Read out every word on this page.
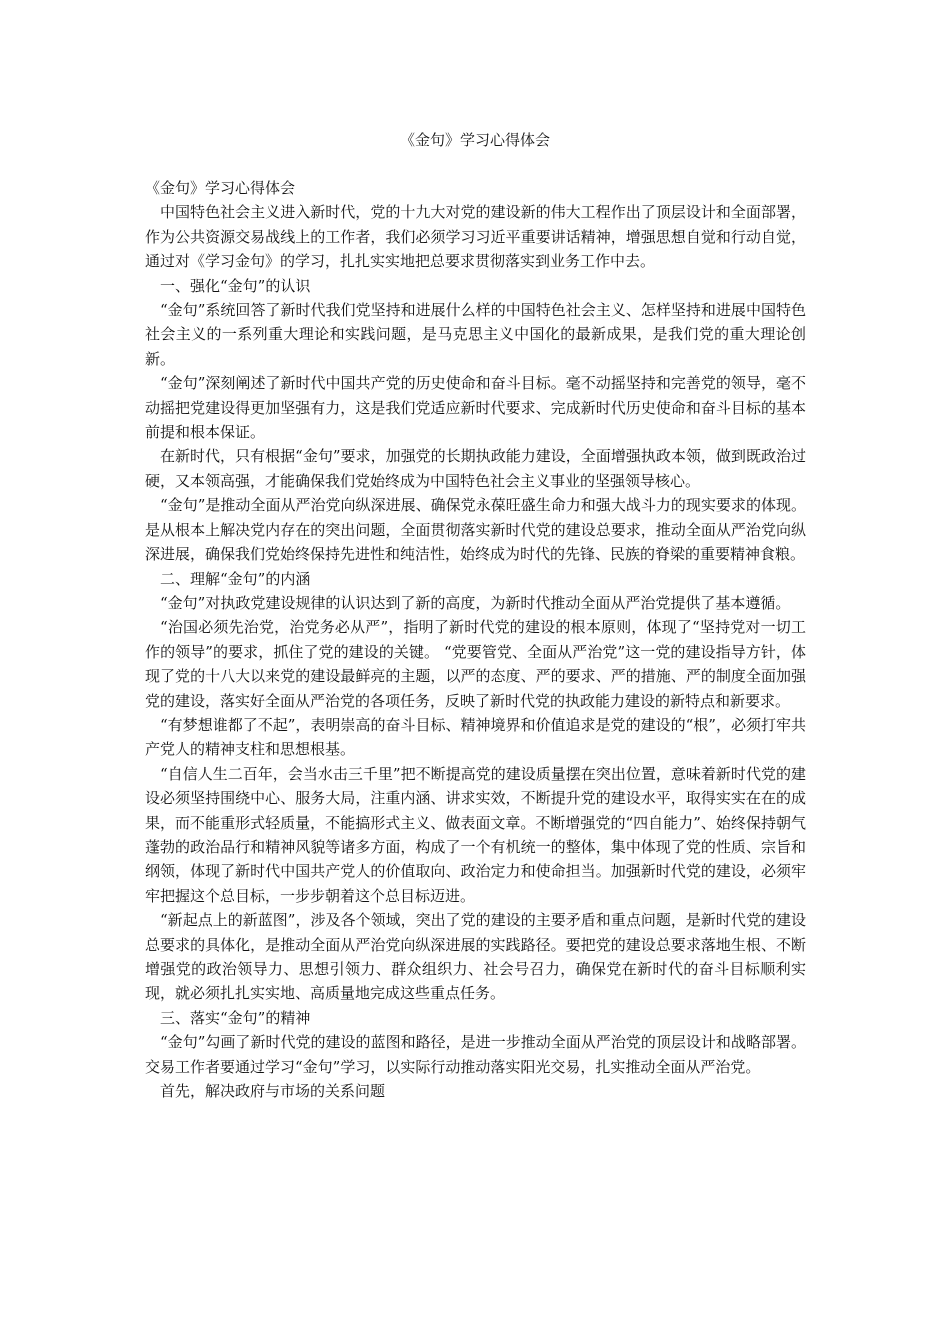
《金句》学习心得体会

《金句》学习心得体会

中国特色社会主义进入新时代，党的十九大对党的建设新的伟大工程作出了顶层设计和全面部署，作为公共资源交易战线上的工作者，我们必须学习习近平重要讲话精神，增强思想自觉和行动自觉，通过对《学习金句》的学习，扎扎实实地把总要求贯彻落实到业务工作中去。

一、强化“金句”的认识

“金句”系统回答了新时代我们党坚持和进展什么样的中国特色社会主义、怎样坚持和进展中国特色社会主义的一系列重大理论和实践问题，是马克思主义中国化的最新成果，是我们党的重大理论创新。

“金句”深刻阐述了新时代中国共产党的历史使命和奋斗目标。毫不动摇坚持和完善党的领导，毫不动摇把党建设得更加坚强有力，这是我们党适应新时代要求、完成新时代历史使命和奋斗目标的基本前提和根本保证。

在新时代，只有根据“金句”要求，加强党的长期执政能力建设，全面增强执政本领，做到既政治过硬，又本领高强，才能确保我们党始终成为中国特色社会主义事业的坚强领导核心。

“金句”是推动全面从严治党向纵深进展、确保党永葆旺盛生命力和强大战斗力的现实要求的体现。是从根本上解决党内存在的突出问题，全面贯彻落实新时代党的建设总要求，推动全面从严治党向纵深进展，确保我们党始终保持先进性和纯洁性，始终成为时代的先锋、民族的脊梁的重要精神食粮。

二、理解“金句”的内涵

“金句”对执政党建设规律的认识达到了新的高度，为新时代推动全面从严治党提供了基本遵循。

“治国必须先治党，治党务必从严”，指明了新时代党的建设的根本原则，体现了“坚持党对一切工作的领导”的要求，抓住了党的建设的关键。 “党要管党、全面从严治党”这一党的建设指导方针，体现了党的十八大以来党的建设最鲜亮的主题，以严的态度、严的要求、严的措施、严的制度全面加强党的建设，落实好全面从严治党的各项任务，反映了新时代党的执政能力建设的新特点和新要求。

“有梦想谁都了不起”，表明崇高的奋斗目标、精神境界和价值追求是党的建设的“根”，必须打牢共产党人的精神支柱和思想根基。

“自信人生二百年，会当水击三千里”把不断提高党的建设质量摆在突出位置，意味着新时代党的建设必须坚持围绕中心、服务大局，注重内涵、讲求实效，不断提升党的建设水平，取得实实在在的成果，而不能重形式轻质量，不能搞形式主义、做表面文章。不断增强党的“四自能力”、始终保持朝气蓬勃的政治品行和精神风貌等诸多方面，构成了一个有机统一的整体，集中体现了党的性质、宗旨和纲领，体现了新时代中国共产党人的价值取向、政治定力和使命担当。加强新时代党的建设，必须牢牢把握这个总目标，一步步朝着这个总目标迈进。

“新起点上的新蓝图”，涉及各个领域，突出了党的建设的主要矛盾和重点问题，是新时代党的建设总要求的具体化，是推动全面从严治党向纵深进展的实践路径。要把党的建设总要求落地生根、不断增强党的政治领导力、思想引领力、群众组织力、社会号召力，确保党在新时代的奋斗目标顺利实现，就必须扎扎实实地、高质量地完成这些重点任务。

三、落实“金句”的精神

“金句”勾画了新时代党的建设的蓝图和路径，是进一步推动全面从严治党的顶层设计和战略部署。交易工作者要通过学习“金句”学习，以实际行动推动落实阳光交易，扎实推动全面从严治党。

首先，解决政府与市场的关系问题
